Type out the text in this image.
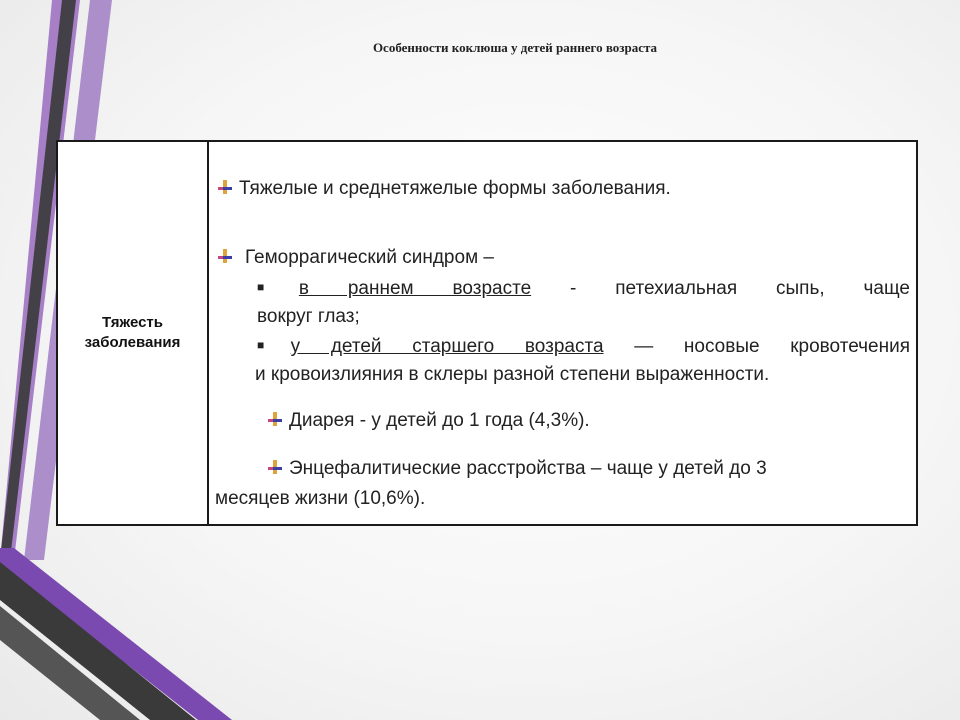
Особенности коклюша у детей раннего возраста
Тяжесть
заболевания
Тяжелые и среднетяжелые формы заболевания.
Геморрагический синдром –
■в раннем возрасте - петехиальная сыпь, чаще
вокруг глаз;
■у детей старшего возраста — носовые кровотечения
и кровоизлияния в склеры разной степени выраженности.
Диарея - у детей до 1 года (4,3%).
Энцефалитические расстройства – чаще у детей до 3
месяцев жизни (10,6%).
